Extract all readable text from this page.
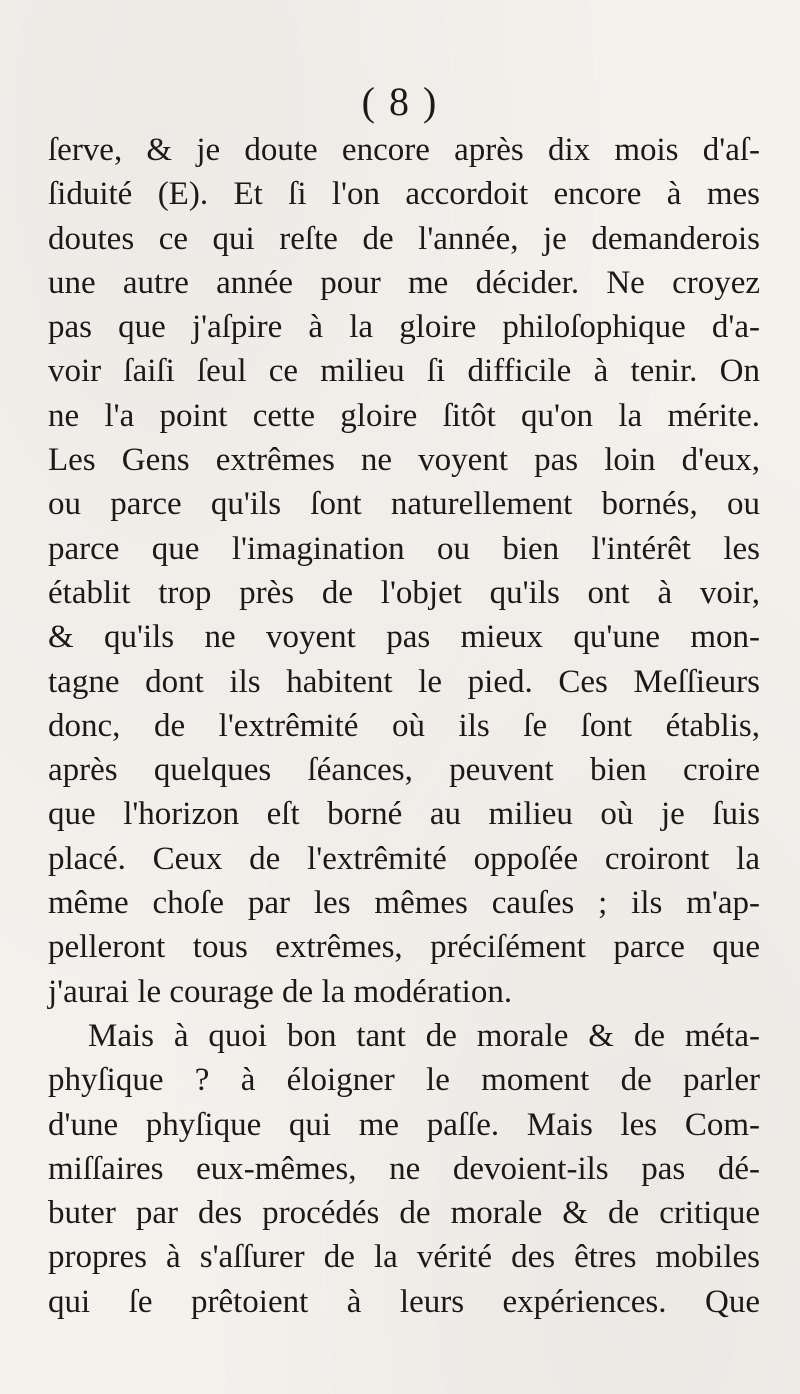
( 8 )
ſerve, & je doute encore après dix mois d'aſ-
ſiduité (E). Et ſi l'on accordoit encore à mes
doutes ce qui reſte de l'année, je demanderois
une autre année pour me décider. Ne croyez
pas que j'aſpire à la gloire philoſophique d'a-
voir ſaiſi ſeul ce milieu ſi difficile à tenir. On
ne l'a point cette gloire ſitôt qu'on la mérite.
Les Gens extrêmes ne voyent pas loin d'eux,
ou parce qu'ils ſont naturellement bornés, ou
parce que l'imagination ou bien l'intérêt les
établit trop près de l'objet qu'ils ont à voir,
& qu'ils ne voyent pas mieux qu'une mon-
tagne dont ils habitent le pied. Ces Meſſieurs
donc, de l'extrêmité où ils ſe ſont établis,
après quelques ſéances, peuvent bien croire
que l'horizon eſt borné au milieu où je ſuis
placé. Ceux de l'extrêmité oppoſée croiront la
même choſe par les mêmes cauſes ; ils m'ap-
pelleront tous extrêmes, préciſément parce que
j'aurai le courage de la modération.
Mais à quoi bon tant de morale & de méta-
phyſique ? à éloigner le moment de parler
d'une phyſique qui me paſſe. Mais les Com-
miſſaires eux-mêmes, ne devoient-ils pas dé-
buter par des procédés de morale & de critique
propres à s'aſſurer de la vérité des êtres mobiles
qui ſe prêtoient à leurs expériences. Que
